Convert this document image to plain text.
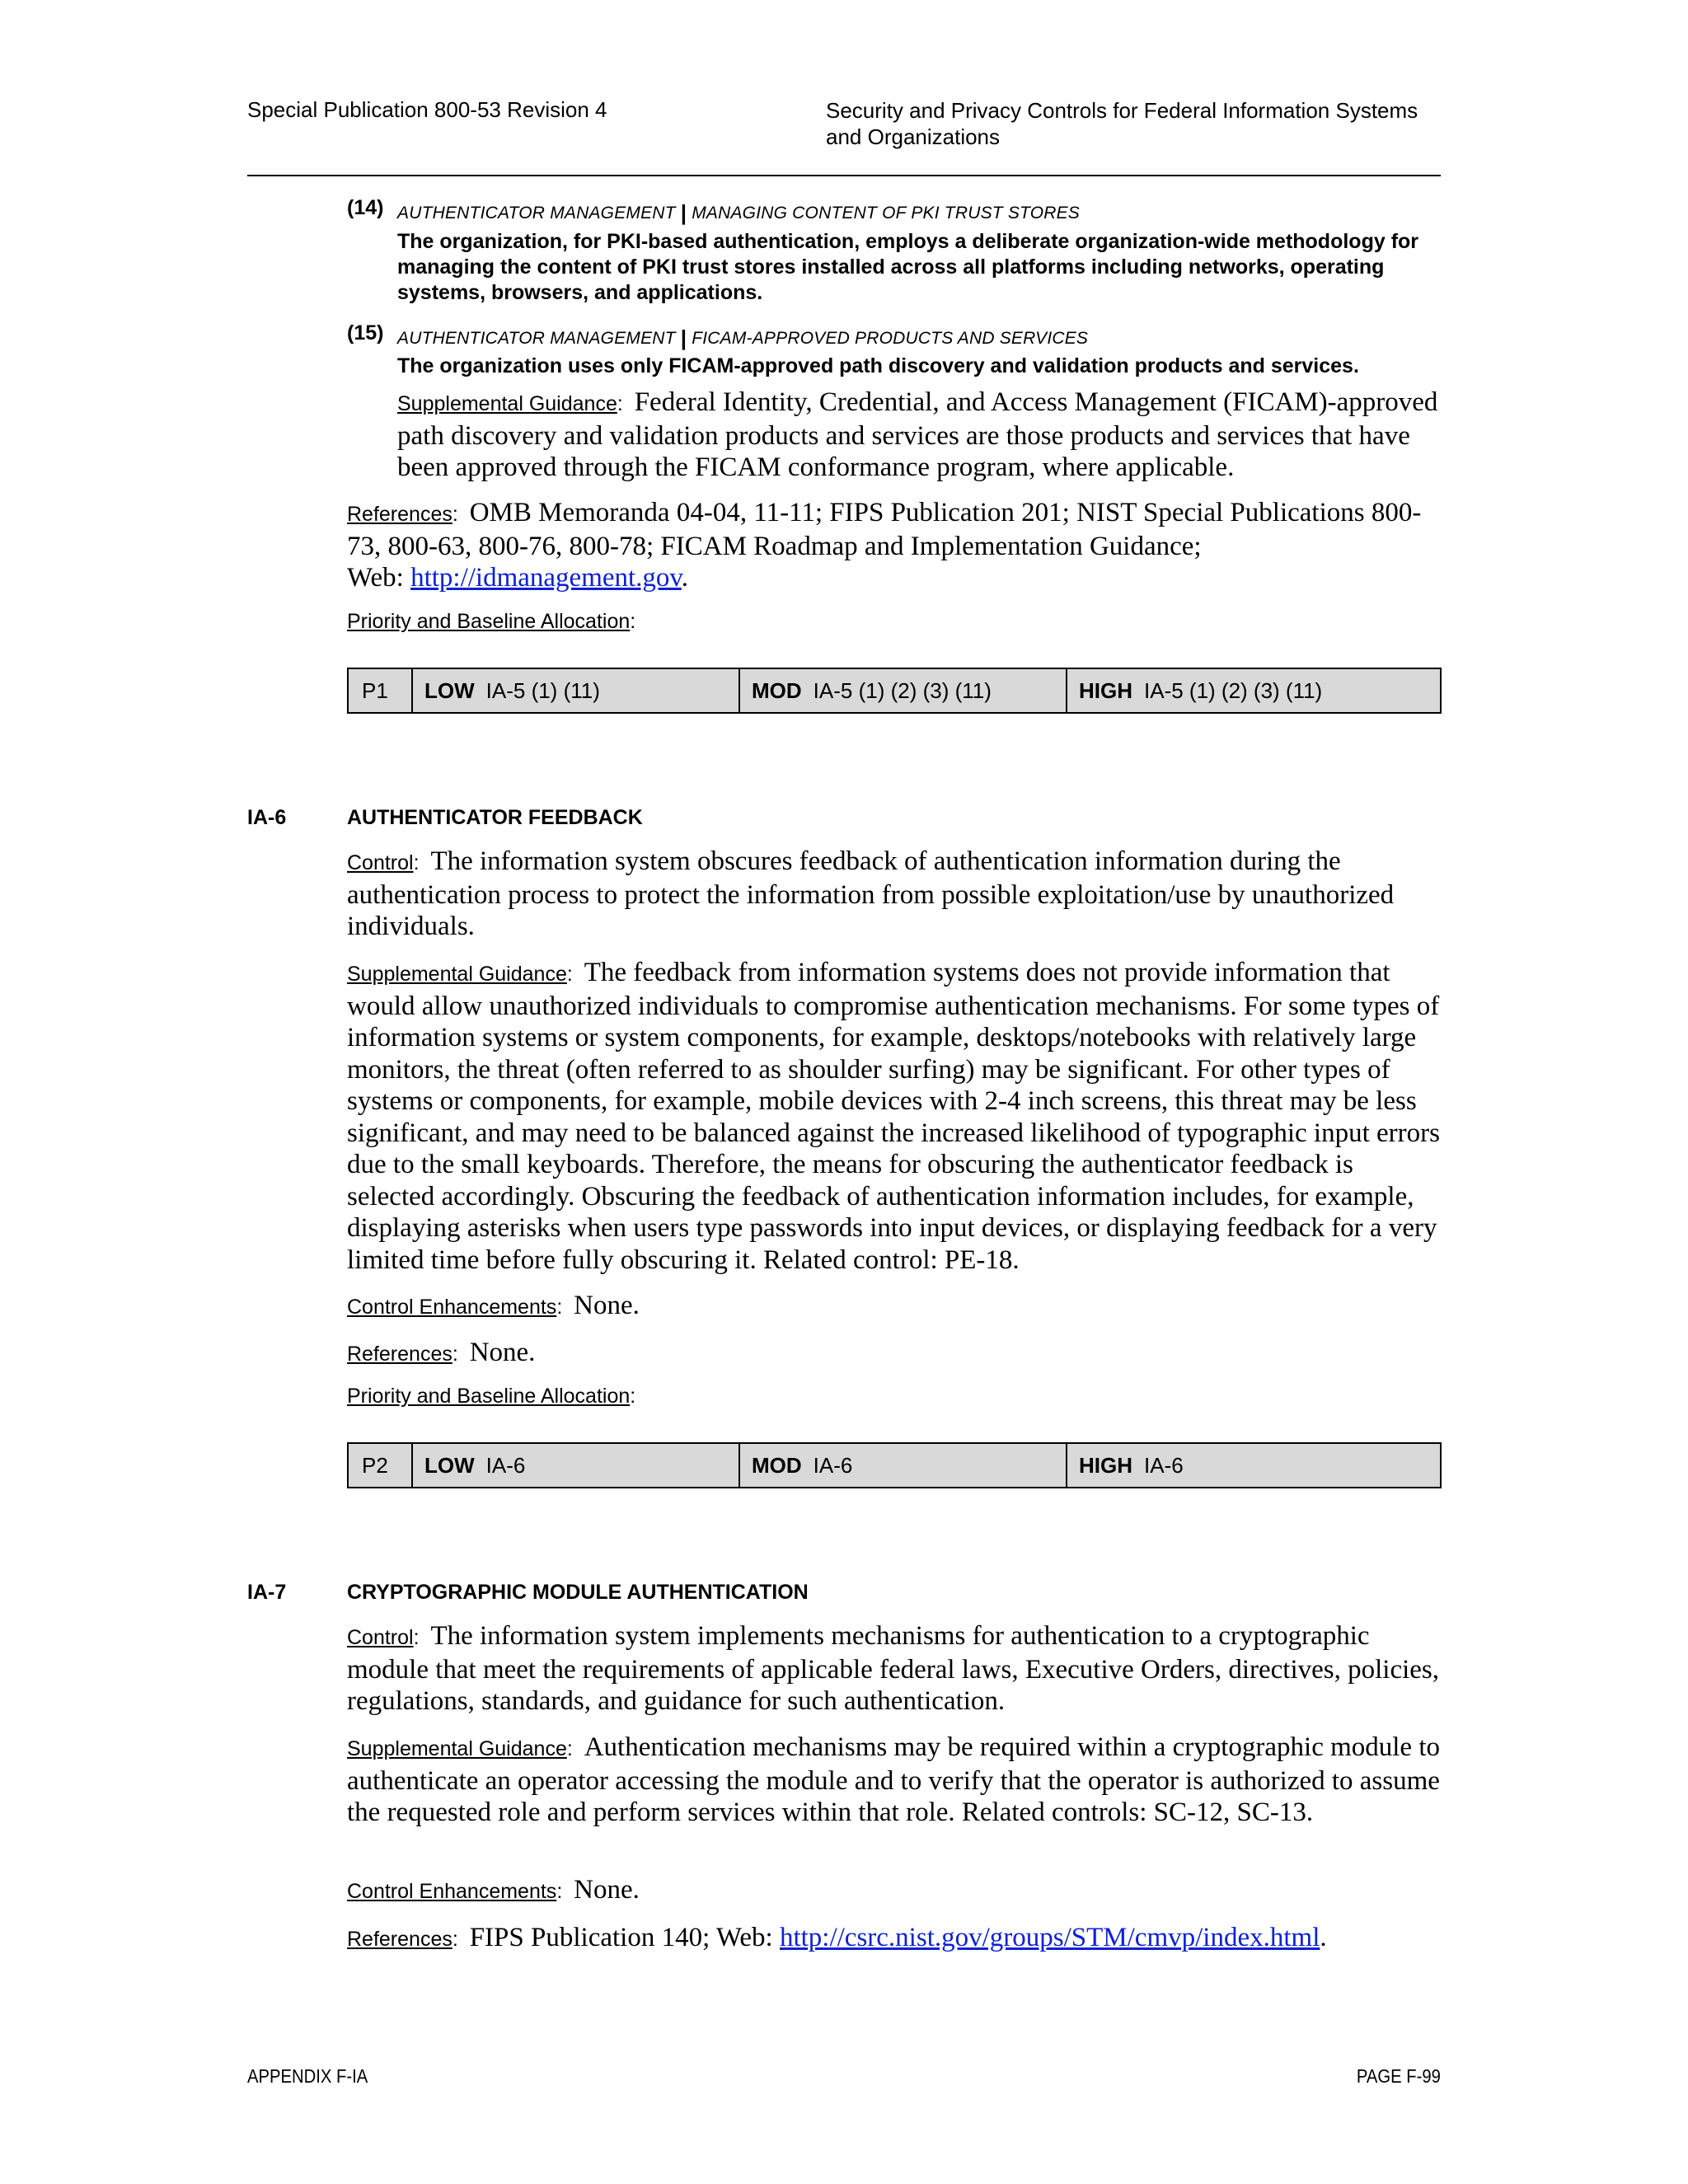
Special Publication 800-53 Revision 4	Security and Privacy Controls for Federal Information Systems
and Organizations
(14) AUTHENTICATOR MANAGEMENT | MANAGING CONTENT OF PKI TRUST STORES
The organization, for PKI-based authentication, employs a deliberate organization-wide methodology for managing the content of PKI trust stores installed across all platforms including networks, operating systems, browsers, and applications.
(15) AUTHENTICATOR MANAGEMENT | FICAM-APPROVED PRODUCTS AND SERVICES
The organization uses only FICAM-approved path discovery and validation products and services.
Supplemental Guidance:  Federal Identity, Credential, and Access Management (FICAM)-approved path discovery and validation products and services are those products and services that have been approved through the FICAM conformance program, where applicable.
References:  OMB Memoranda 04-04, 11-11; FIPS Publication 201; NIST Special Publications 800-73, 800-63, 800-76, 800-78; FICAM Roadmap and Implementation Guidance;
Web: http://idmanagement.gov.
Priority and Baseline Allocation:
P1	LOW IA-5 (1) (11)	MOD IA-5 (1) (2) (3) (11)	HIGH IA-5 (1) (2) (3) (11)
IA-6	AUTHENTICATOR FEEDBACK
Control:  The information system obscures feedback of authentication information during the authentication process to protect the information from possible exploitation/use by unauthorized individuals.
Supplemental Guidance:  The feedback from information systems does not provide information that would allow unauthorized individuals to compromise authentication mechanisms. For some types of information systems or system components, for example, desktops/notebooks with relatively large monitors, the threat (often referred to as shoulder surfing) may be significant. For other types of systems or components, for example, mobile devices with 2-4 inch screens, this threat may be less significant, and may need to be balanced against the increased likelihood of typographic input errors due to the small keyboards. Therefore, the means for obscuring the authenticator feedback is selected accordingly. Obscuring the feedback of authentication information includes, for example, displaying asterisks when users type passwords into input devices, or displaying feedback for a very limited time before fully obscuring it. Related control: PE-18.
Control Enhancements:  None.
References:  None.
Priority and Baseline Allocation:
P2	LOW IA-6	MOD IA-6	HIGH IA-6
IA-7	CRYPTOGRAPHIC MODULE AUTHENTICATION
Control:  The information system implements mechanisms for authentication to a cryptographic module that meet the requirements of applicable federal laws, Executive Orders, directives, policies, regulations, standards, and guidance for such authentication.
Supplemental Guidance:  Authentication mechanisms may be required within a cryptographic module to authenticate an operator accessing the module and to verify that the operator is authorized to assume the requested role and perform services within that role. Related controls: SC-12, SC-13.
Control Enhancements:  None.
References:  FIPS Publication 140; Web: http://csrc.nist.gov/groups/STM/cmvp/index.html.
APPENDIX F-IA	PAGE F-99
